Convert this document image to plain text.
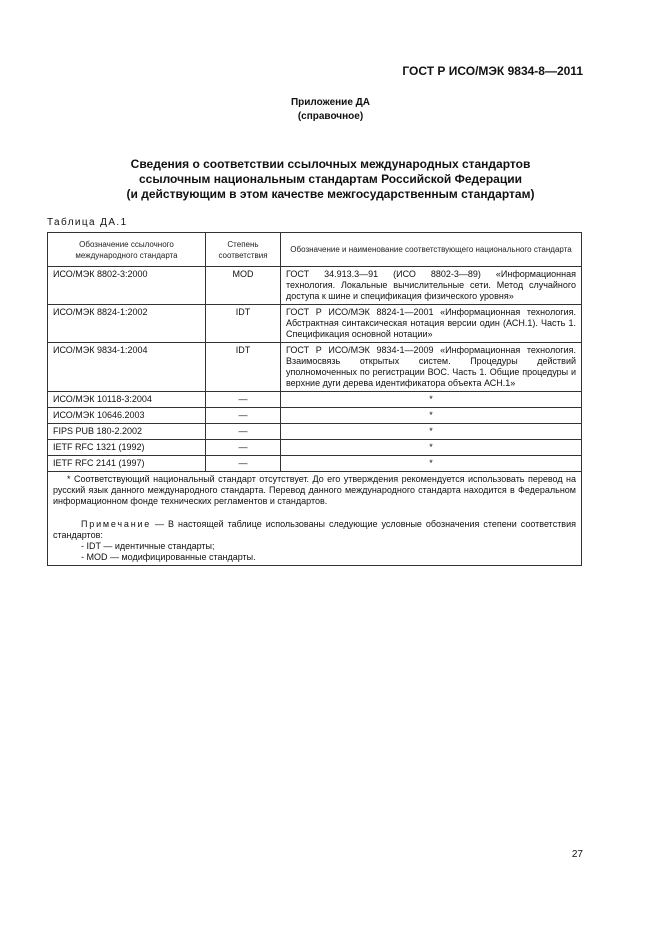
ГОСТ Р ИСО/МЭК 9834-8—2011
Приложение ДА
(справочное)
Сведения о соответствии ссылочных международных стандартов
ссылочным национальным стандартам Российской Федерации
(и действующим в этом качестве межгосударственным стандартам)
Таблица ДА.1
Обозначение ссылочного международного стандарта	Степень соответствия	Обозначение и наименование соответствующего национального стандарта
ИСО/МЭК 8802-3:2000	MOD	ГОСТ 34.913.3—91 (ИСО 8802-3—89) «Информационная технология. Локальные вычислительные сети. Метод случайного доступа к шине и спецификация физического уровня»
ИСО/МЭК 8824-1:2002	IDT	ГОСТ Р ИСО/МЭК 8824-1—2001 «Информационная технология. Абстрактная синтаксическая нотация версии один (АСН.1). Часть 1. Спецификация основной нотации»
ИСО/МЭК 9834-1:2004	IDT	ГОСТ Р ИСО/МЭК 9834-1—2009 «Информационная технология. Взаимосвязь открытых систем. Процедуры действий уполномоченных по регистрации ВОС. Часть 1. Общие процедуры и верхние дуги дерева идентификатора объекта АСН.1»
ИСО/МЭК 10118-3:2004	—	*
ИСО/МЭК 10646.2003	—	*
FIPS PUB 180-2.2002	—	*
IETF RFC 1321 (1992)	—	*
IETF RFC 2141 (1997)	—	*

* Соответствующий национальный стандарт отсутствует. До его утверждения рекомендуется использовать перевод на русский язык данного международного стандарта. Перевод данного международного стандарта находится в Федеральном информационном фонде технических регламентов и стандартов.
Примечание — В настоящей таблице использованы следующие условные обозначения степени соответствия стандартов:
- IDT — идентичные стандарты;
- MOD — модифицированные стандарты.		
27
